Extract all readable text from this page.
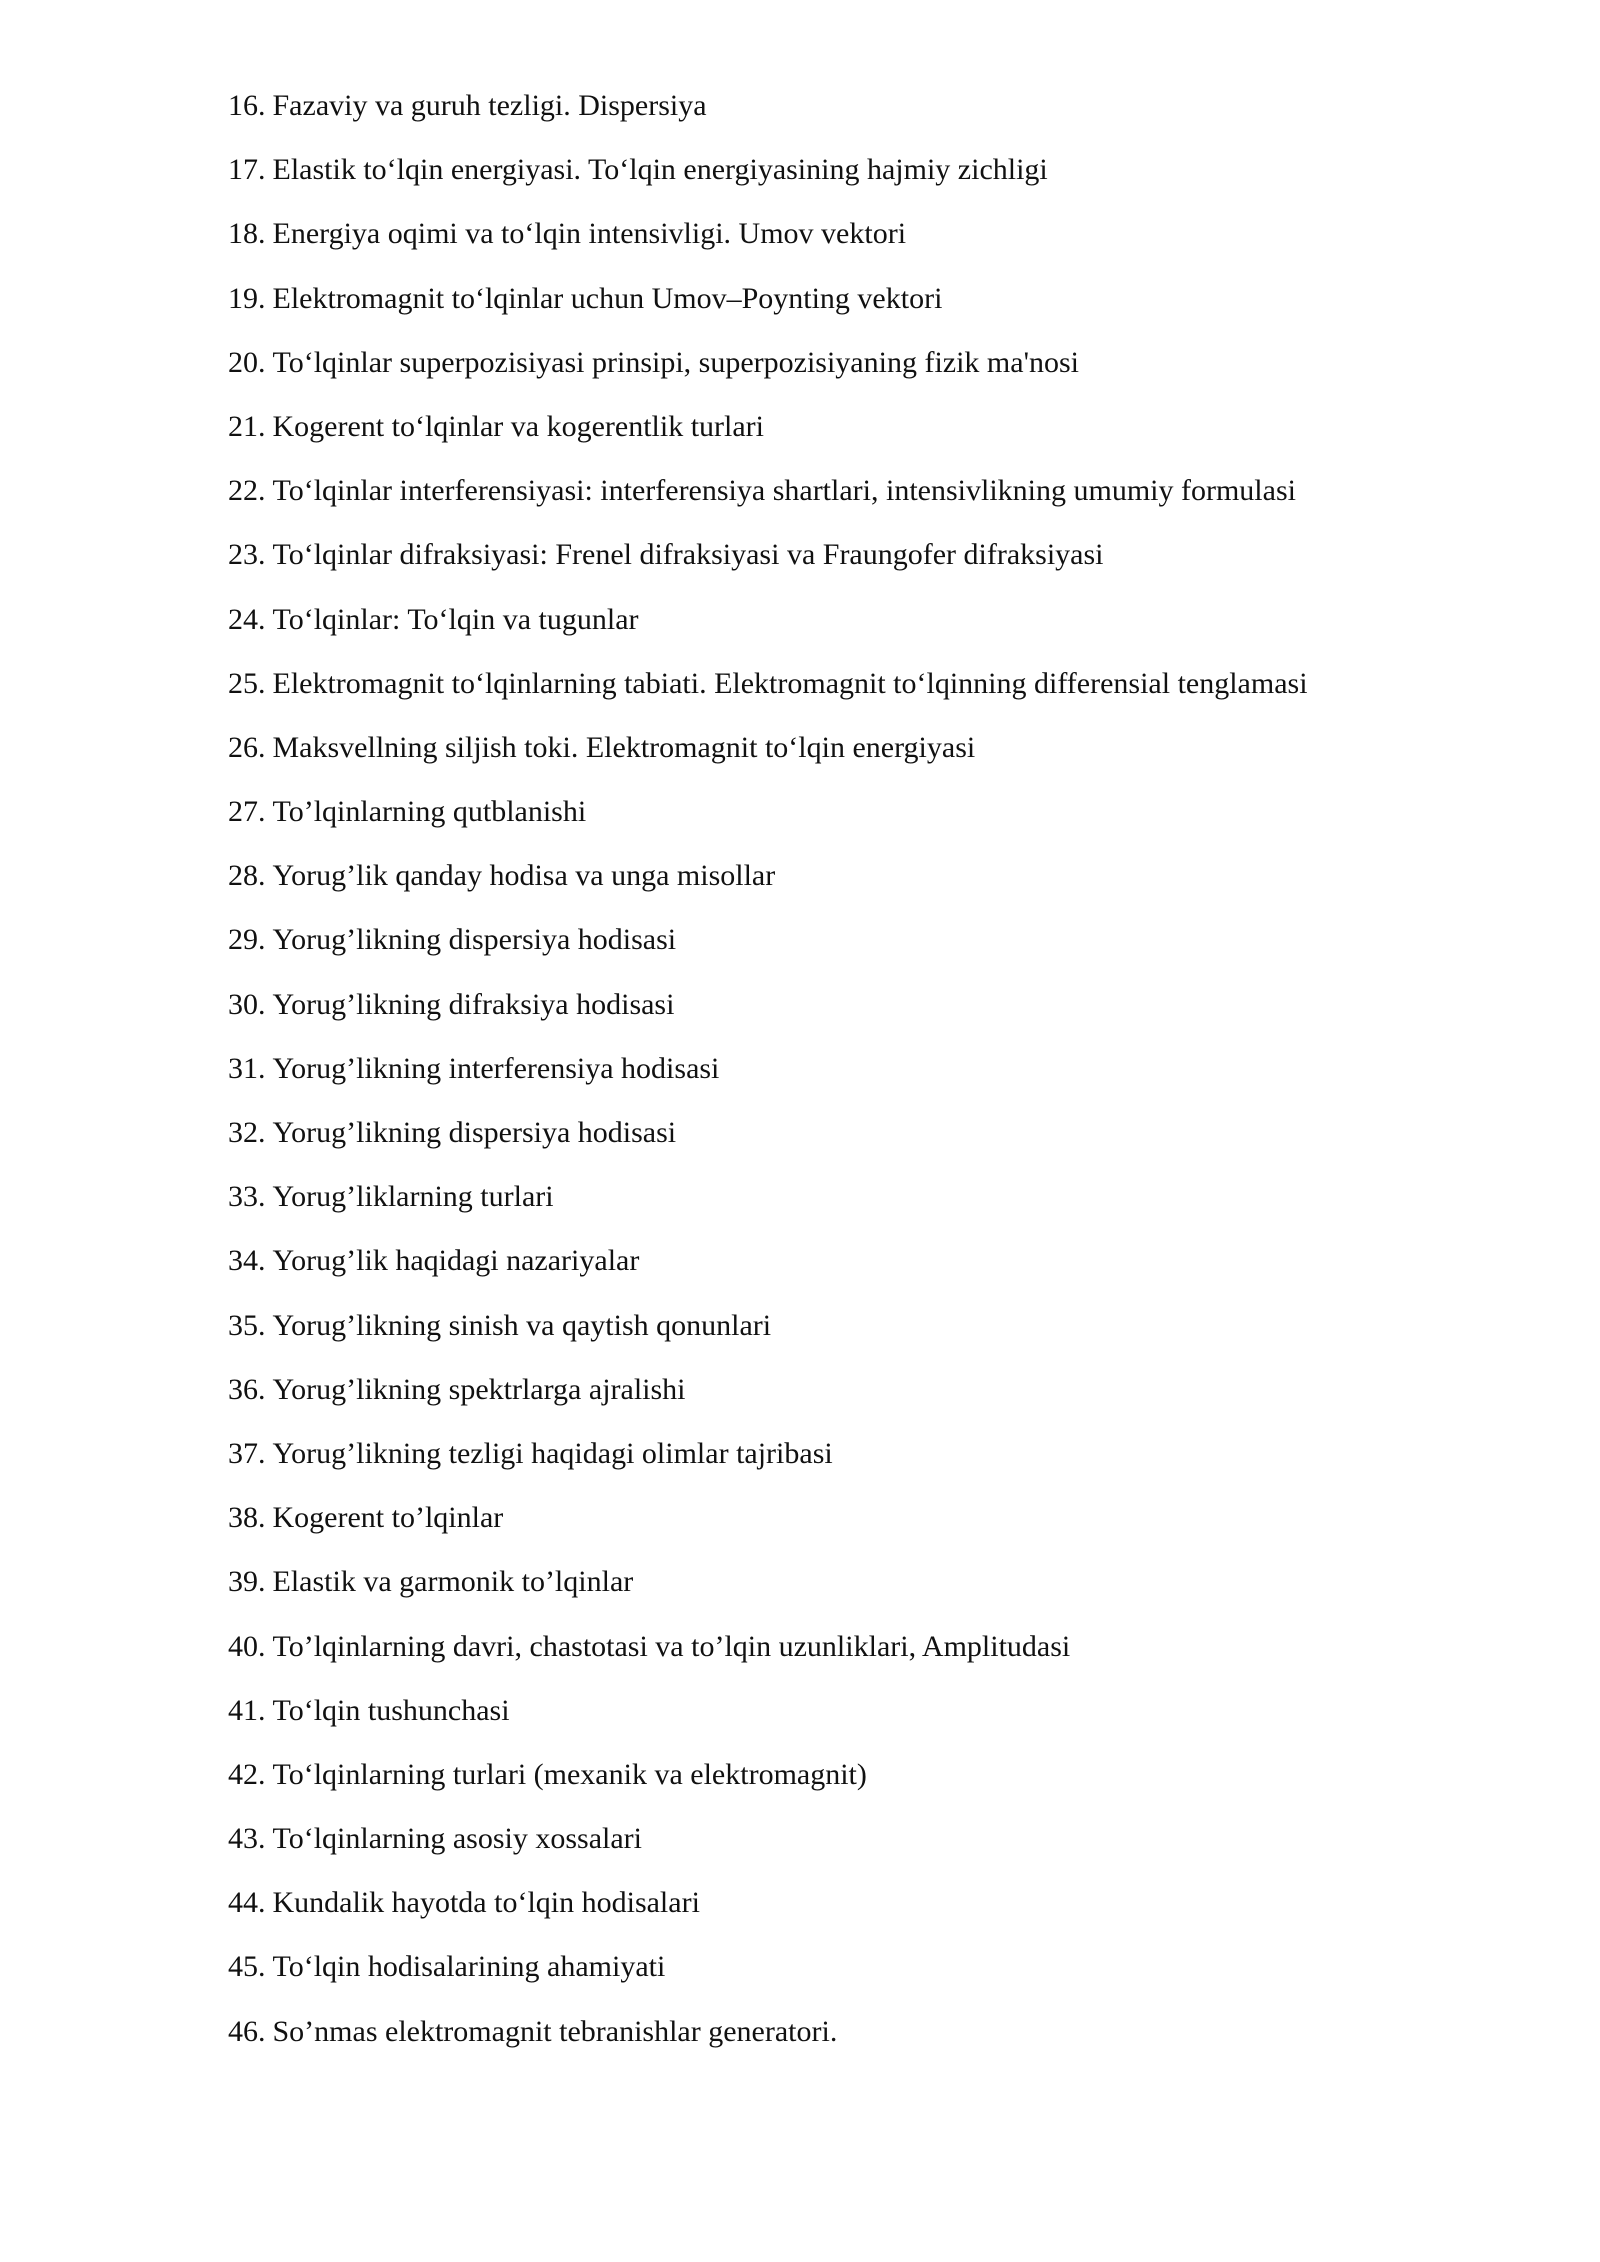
16. Fazaviy va guruh tezligi. Dispersiya
17. Elastik to‘lqin energiyasi. To‘lqin energiyasining hajmiy zichligi
18. Energiya oqimi va to‘lqin intensivligi. Umov vektori
19. Elektromagnit to‘lqinlar uchun Umov–Poynting vektori
20. To‘lqinlar superpozisiyasi prinsipi, superpozisiyaning fizik ma'nosi
21. Kogerent to‘lqinlar va kogerentlik turlari
22. To‘lqinlar interferensiyasi: interferensiya shartlari, intensivlikning umumiy formulasi
23. To‘lqinlar difraksiyasi: Frenel difraksiyasi va Fraungofer difraksiyasi
24. To‘lqinlar: To‘lqin va tugunlar
25. Elektromagnit to‘lqinlarning tabiati. Elektromagnit to‘lqinning differensial tenglamasi
26. Maksvellning siljish toki. Elektromagnit to‘lqin energiyasi
27. To’lqinlarning qutblanishi
28. Yorug’lik qanday hodisa va unga misollar
29. Yorug’likning dispersiya hodisasi
30. Yorug’likning difraksiya hodisasi
31. Yorug’likning interferensiya hodisasi
32. Yorug’likning dispersiya hodisasi
33. Yorug’liklarning turlari
34. Yorug’lik haqidagi nazariyalar
35. Yorug’likning sinish va qaytish qonunlari
36. Yorug’likning spektrlarga ajralishi
37. Yorug’likning tezligi haqidagi olimlar tajribasi
38. Kogerent to’lqinlar
39. Elastik va garmonik to’lqinlar
40. To’lqinlarning davri, chastotasi va to’lqin uzunliklari, Amplitudasi
41. To‘lqin tushunchasi
42. To‘lqinlarning turlari (mexanik va elektromagnit)
43. To‘lqinlarning asosiy xossalari
44. Kundalik hayotda to‘lqin hodisalari
45. To‘lqin hodisalarining ahamiyati
46. So’nmas elektromagnit tebranishlar generatori.
